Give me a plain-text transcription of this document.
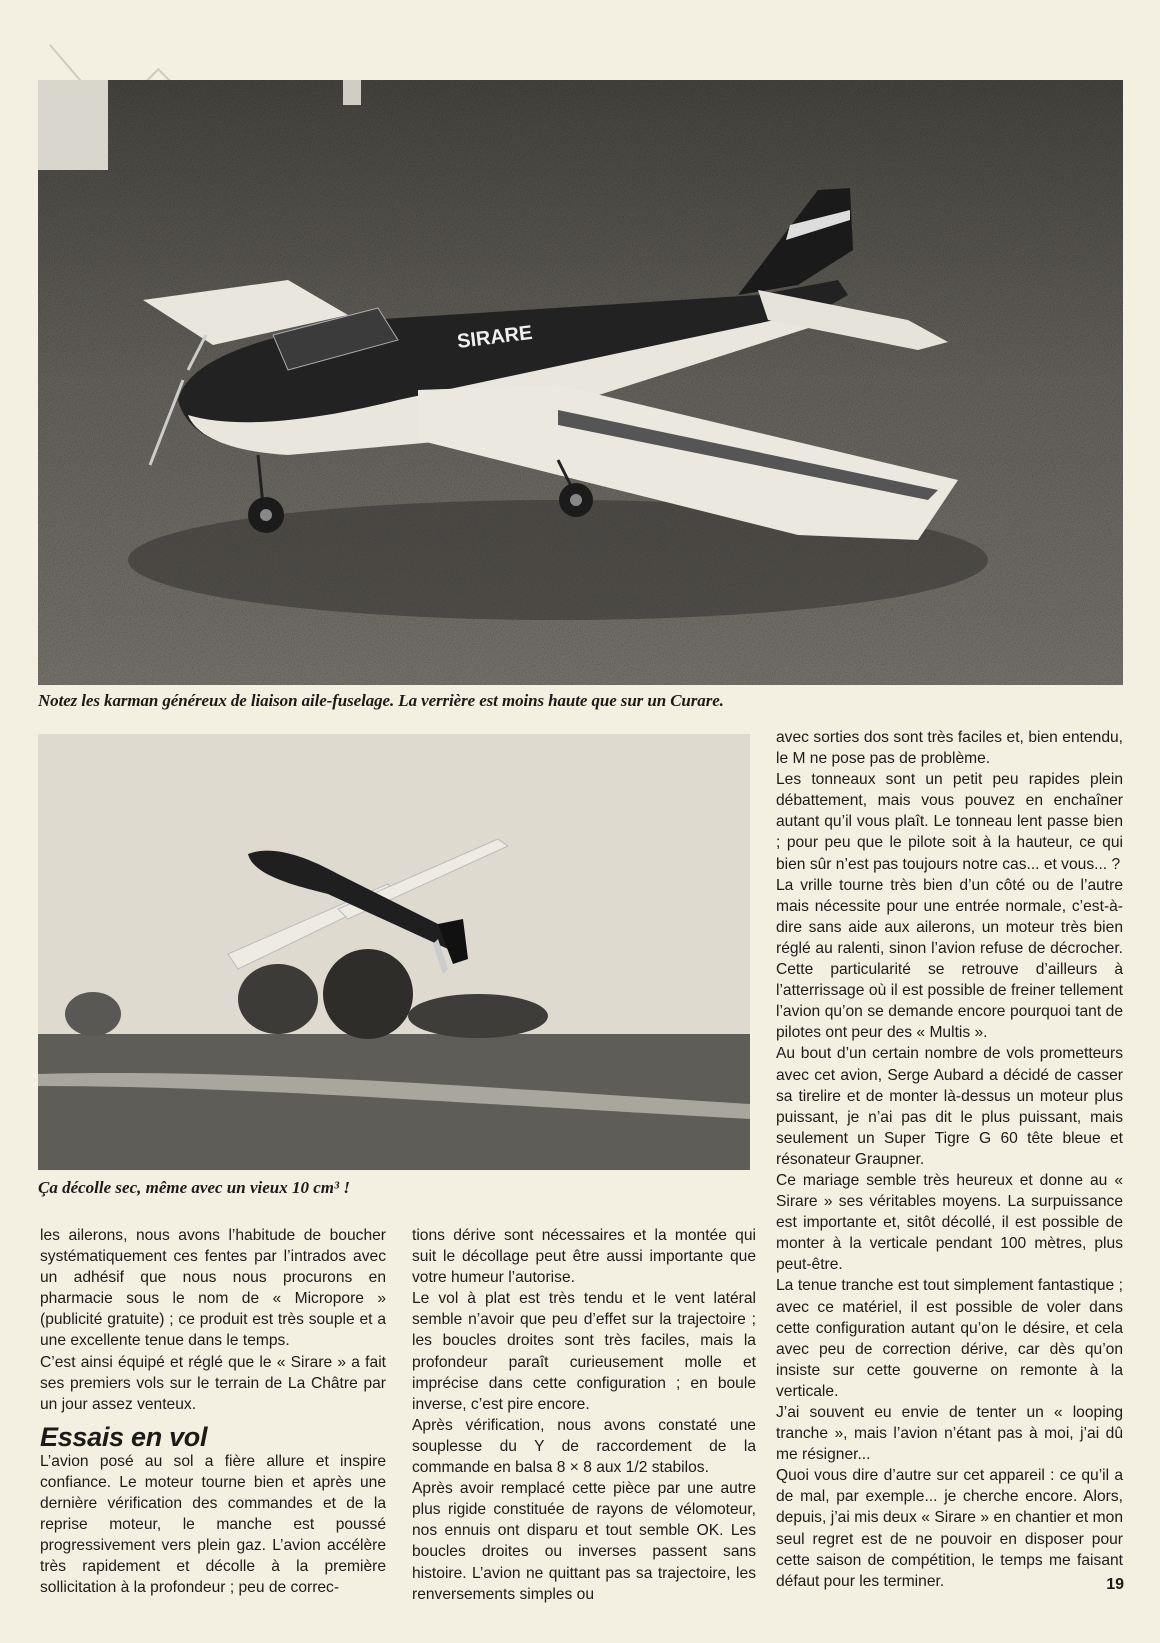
SIRARE
Notez les karman généreux de liaison aile-fuselage. La verrière est moins haute que sur un Curare.
Ça décolle sec, même avec un vieux 10 cm³ !

les ailerons, nous avons l’habitude de boucher systématiquement ces fentes par l’intrados avec un adhésif que nous nous procurons en pharmacie sous le nom de « Micropore » (publicité gratuite) ; ce produit est très souple et a une excellente tenue dans le temps.

C’est ainsi équipé et réglé que le « Sirare » a fait ses premiers vols sur le terrain de La Châtre par un jour assez venteux.

Essais en vol

L’avion posé au sol a fière allure et inspire confiance. Le moteur tourne bien et après une dernière vérification des commandes et de la reprise moteur, le manche est poussé progressivement vers plein gaz. L’avion accélère très rapidement et décolle à la première sollicitation à la profondeur ; peu de correc-

tions dérive sont nécessaires et la montée qui suit le décollage peut être aussi importante que votre humeur l’autorise.

Le vol à plat est très tendu et le vent latéral semble n’avoir que peu d’effet sur la trajectoire ; les boucles droites sont très faciles, mais la profondeur paraît curieusement molle et imprécise dans cette configuration ; en boule inverse, c’est pire encore.

Après vérification, nous avons constaté une souplesse du Y de raccordement de la commande en balsa 8 × 8 aux 1/2 stabilos.

Après avoir remplacé cette pièce par une autre plus rigide constituée de rayons de vélomoteur, nos ennuis ont disparu et tout semble OK. Les boucles droites ou inverses passent sans histoire. L’avion ne quittant pas sa trajectoire, les renversements simples ou

avec sorties dos sont très faciles et, bien entendu, le M ne pose pas de problème.

Les tonneaux sont un petit peu rapides plein débattement, mais vous pouvez en enchaîner autant qu’il vous plaît. Le tonneau lent passe bien ; pour peu que le pilote soit à la hauteur, ce qui bien sûr n’est pas toujours notre cas... et vous... ?

La vrille tourne très bien d’un côté ou de l’autre mais nécessite pour une entrée normale, c’est-à-dire sans aide aux ailerons, un moteur très bien réglé au ralenti, sinon l’avion refuse de décrocher. Cette particularité se retrouve d’ailleurs à l’atterrissage où il est possible de freiner tellement l’avion qu’on se demande encore pourquoi tant de pilotes ont peur des « Multis ».

Au bout d’un certain nombre de vols prometteurs avec cet avion, Serge Aubard a décidé de casser sa tirelire et de monter là-dessus un moteur plus puissant, je n’ai pas dit le plus puissant, mais seulement un Super Tigre G 60 tête bleue et résonateur Graupner.

Ce mariage semble très heureux et donne au « Sirare » ses véritables moyens. La surpuissance est importante et, sitôt décollé, il est possible de monter à la verticale pendant 100 mètres, plus peut-être.

La tenue tranche est tout simplement fantastique ; avec ce matériel, il est possible de voler dans cette configuration autant qu’on le désire, et cela avec peu de correction dérive, car dès qu’on insiste sur cette gouverne on remonte à la verticale.

J’ai souvent eu envie de tenter un « looping tranche », mais l’avion n’étant pas à moi, j’ai dû me résigner...

Quoi vous dire d’autre sur cet appareil : ce qu’il a de mal, par exemple... je cherche encore. Alors, depuis, j’ai mis deux « Sirare » en chantier et mon seul regret est de ne pouvoir en disposer pour cette saison de compétition, le temps me faisant défaut pour les terminer.	19
